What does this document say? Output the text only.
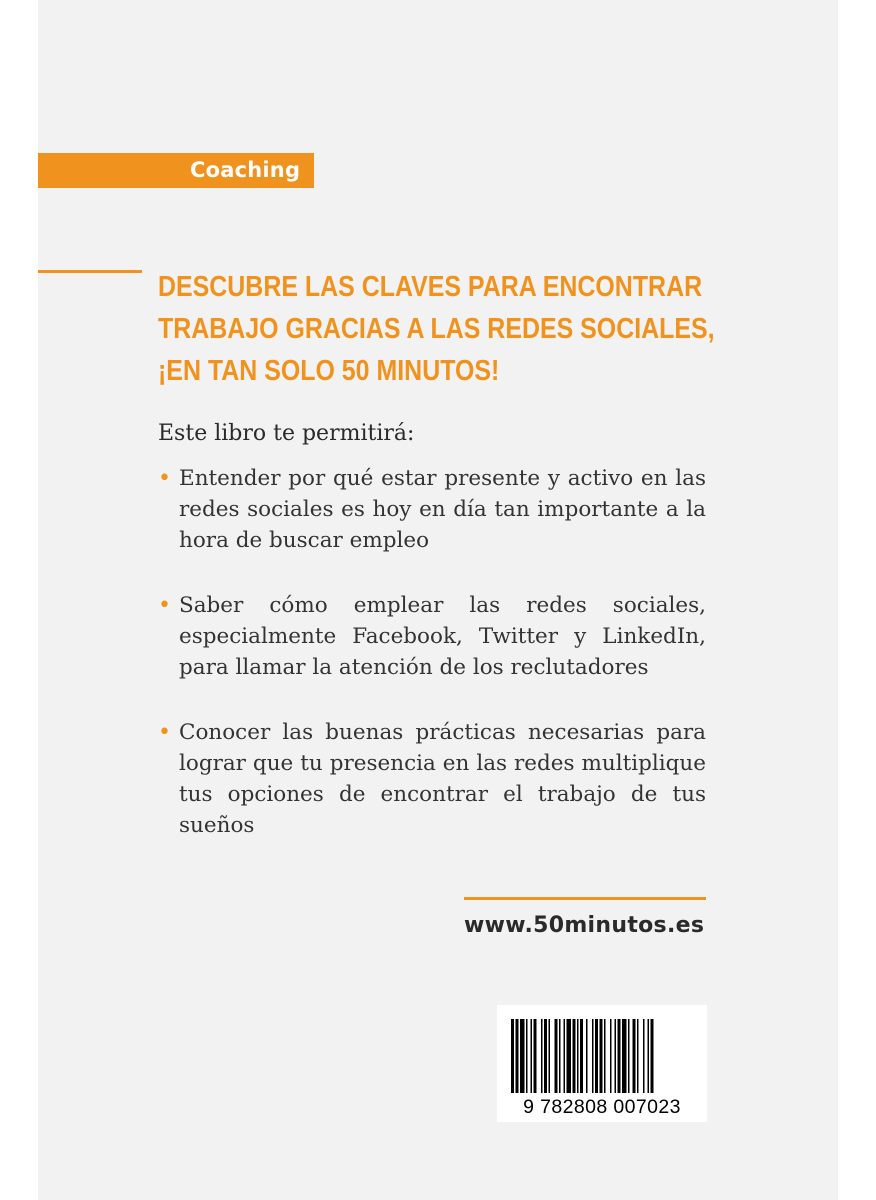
Coaching
DESCUBRE LAS CLAVES PARA ENCONTRAR
TRABAJO GRACIAS A LAS REDES SOCIALES,
¡EN TAN SOLO 50 MINUTOS!

Este libro te permitirá:

• Entender por qué estar presente y activo en las redes sociales es hoy en día tan importante a la hora de buscar empleo
• Saber cómo emplear las redes sociales, especialmente Facebook, Twitter y LinkedIn, para llamar la atención de los reclutadores
• Conocer las buenas prácticas necesarias para lograr que tu presencia en las redes multiplique tus opciones de encontrar el trabajo de tus sueños

www.50minutos.es

9 782808 007023
